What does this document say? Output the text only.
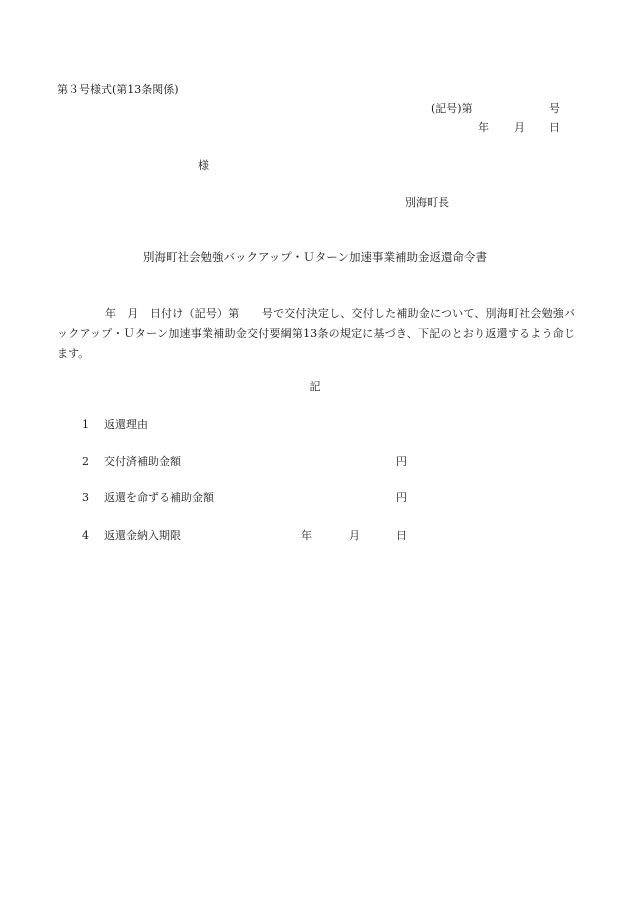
第３号様式(第13条関係)
(記号)第	号
年 月 日
様
別海町長
別海町社会勉強バックアップ・Ｕターン加速事業補助金返還命令書
年　月　日付け（記号）第　　号で交付決定し、交付した補助金について、別海町社会勉強バックアップ・Ｕターン加速事業補助金交付要綱第13条の規定に基づき、下記のとおり返還するよう命じます。
記
1 返還理由
2 交付済補助金額	円
3 返還を命ずる補助金額	円
4 返還金納入期限	年	月	日
